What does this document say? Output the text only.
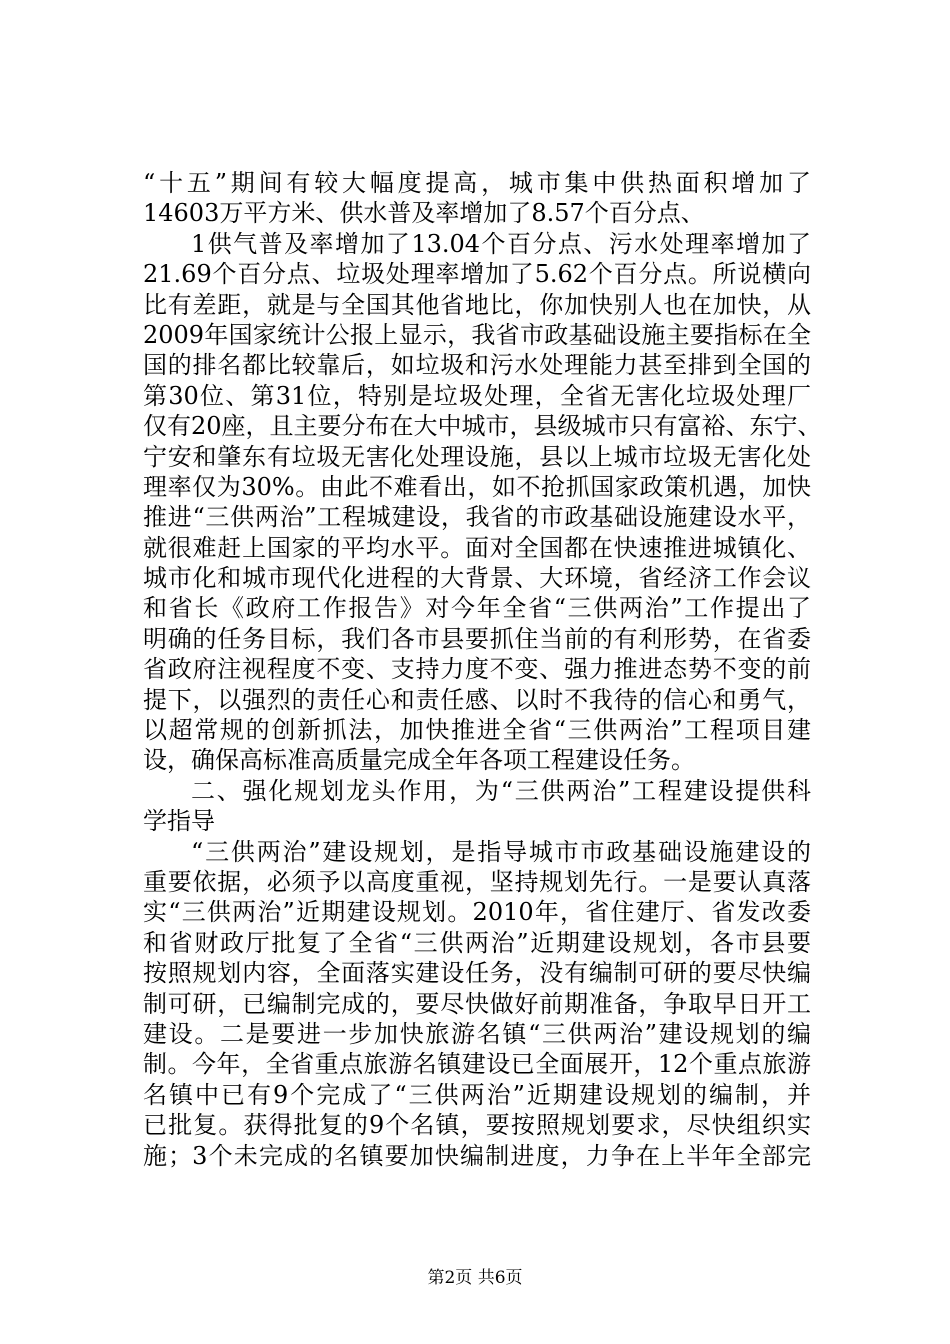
“十五”期间有较大幅度提高，城市集中供热面积增加了
14603万平方米、供水普及率增加了8.57个百分点、
1供气普及率增加了13.04个百分点、污水处理率增加了
21.69个百分点、垃圾处理率增加了5.62个百分点。所说横向
比有差距，就是与全国其他省地比，你加快别人也在加快，从
2009年国家统计公报上显示，我省市政基础设施主要指标在全
国的排名都比较靠后，如垃圾和污水处理能力甚至排到全国的
第30位、第31位，特别是垃圾处理，全省无害化垃圾处理厂
仅有20座，且主要分布在大中城市，县级城市只有富裕、东宁、
宁安和肇东有垃圾无害化处理设施，县以上城市垃圾无害化处
理率仅为30%。由此不难看出，如不抢抓国家政策机遇，加快
推进“三供两治”工程城建设，我省的市政基础设施建设水平，
就很难赶上国家的平均水平。面对全国都在快速推进城镇化、
城市化和城市现代化进程的大背景、大环境，省经济工作会议
和省长《政府工作报告》对今年全省“三供两治”工作提出了
明确的任务目标，我们各市县要抓住当前的有利形势，在省委
省政府注视程度不变、支持力度不变、强力推进态势不变的前
提下，以强烈的责任心和责任感、以时不我待的信心和勇气，
以超常规的创新抓法，加快推进全省“三供两治”工程项目建
设，确保高标准高质量完成全年各项工程建设任务。
二、强化规划龙头作用，为“三供两治”工程建设提供科
学指导
“三供两治”建设规划，是指导城市市政基础设施建设的
重要依据，必须予以高度重视，坚持规划先行。一是要认真落
实“三供两治”近期建设规划。2010年，省住建厅、省发改委
和省财政厅批复了全省“三供两治”近期建设规划，各市县要
按照规划内容，全面落实建设任务，没有编制可研的要尽快编
制可研，已编制完成的，要尽快做好前期准备，争取早日开工
建设。二是要进一步加快旅游名镇“三供两治”建设规划的编
制。今年，全省重点旅游名镇建设已全面展开，12个重点旅游
名镇中已有9个完成了“三供两治”近期建设规划的编制，并
已批复。获得批复的9个名镇，要按照规划要求，尽快组织实
施；3个未完成的名镇要加快编制进度，力争在上半年全部完
第2页 共6页
